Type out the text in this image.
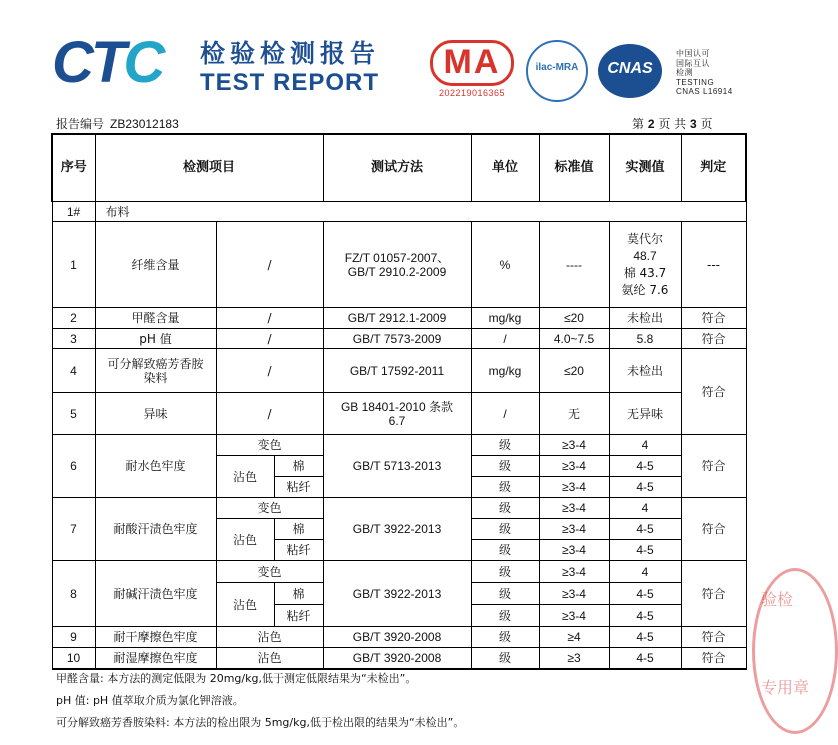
CTC 检验检测报告
TEST REPORT
MA
202219016365
ilac-MRA	CNAS
中国认可
国际互认
检测
TESTING
CNAS L16914
报告编号 ZB23012183	第 2 页 共 3 页
序号	检测项目			测试方法	单位	标准值	实测值	判定
1#	布料							
1	纤维含量	/		FZ/T 01057-2007、GB/T 2910.2-2009	%	----	莫代尔
48.7
棉 43.7
氨纶 7.6	---
2	甲醛含量	/		GB/T 2912.1-2009	mg/kg	≤20	未检出	符合
3	pH 值	/		GB/T 7573-2009	/	4.0~7.5	5.8	符合
4	可分解致癌芳香胺染料	/		GB/T 17592-2011	mg/kg	≤20	未检出	符合
5	异味	/		GB 18401-2010 条款 6.7	/	无	无异味	
6	耐水色牢度	变色		GB/T 5713-2013	级	≥3-4	4	符合
		沾色	棉		级	≥3-4	4-5	
			粘纤		级	≥3-4	4-5	
7	耐酸汗渍色牢度	变色		GB/T 3922-2013	级	≥3-4	4	符合
		沾色	棉		级	≥3-4	4-5	
			粘纤		级	≥3-4	4-5	
8	耐碱汗渍色牢度	变色		GB/T 3922-2013	级	≥3-4	4	符合
		沾色	棉		级	≥3-4	4-5	
			粘纤		级	≥3-4	4-5	
9	耐干摩擦色牢度	沾色		GB/T 3920-2008	级	≥4	4-5	符合
10	耐湿摩擦色牢度	沾色		GB/T 3920-2008	级	≥3	4-5	符合
甲醛含量: 本方法的测定低限为 20mg/kg,低于测定低限结果为“未检出”。
pH 值: pH 值萃取介质为氯化钾溶液。
可分解致癌芳香胺染料: 本方法的检出限为 5mg/kg,低于检出限的结果为“未检出”。
验检
专用章
